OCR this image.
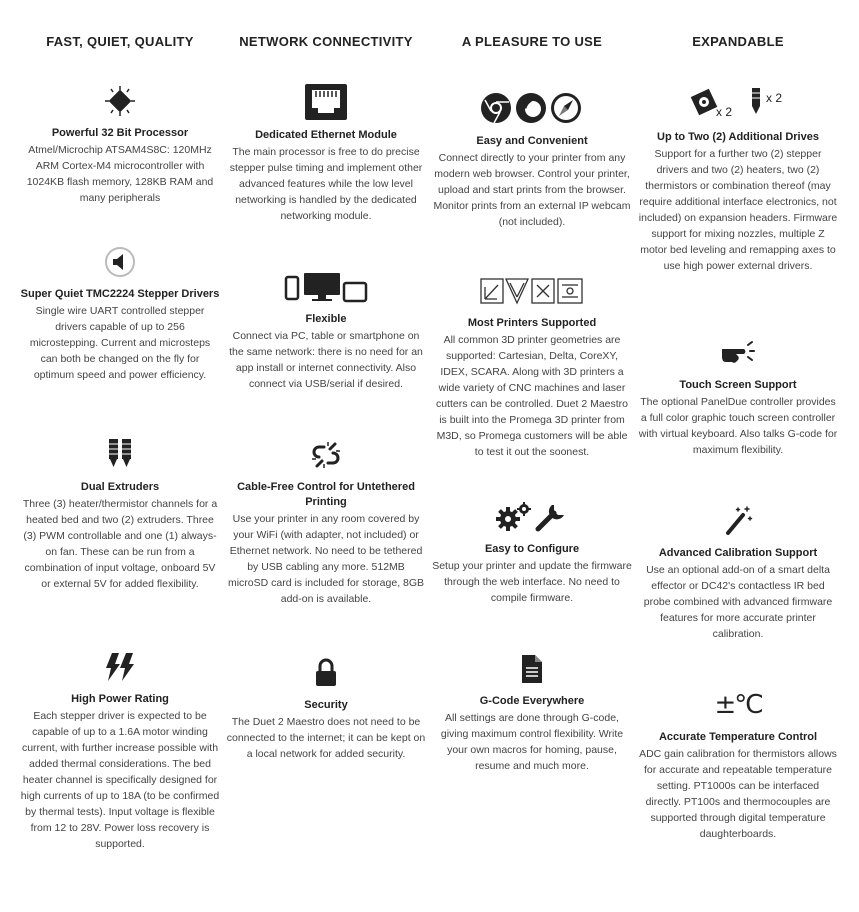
FAST, QUIET, QUALITY
Powerful 32 Bit Processor
Atmel/Microchip ATSAM4S8C: 120MHz ARM Cortex-M4 microcontroller with 1024KB flash memory, 128KB RAM and many peripherals
Super Quiet TMC2224 Stepper Drivers
Single wire UART controlled stepper drivers capable of up to 256 microstepping. Current and microsteps can both be changed on the fly for optimum speed and power efficiency.
Dual Extruders
Three (3) heater/thermistor channels for a heated bed and two (2) extruders. Three (3) PWM controllable and one (1) always-on fan. These can be run from a combination of input voltage, onboard 5V or external 5V for added flexibility.
High Power Rating
Each stepper driver is expected to be capable of up to a 1.6A motor winding current, with further increase possible with added thermal considerations. The bed heater channel is specifically designed for high currents of up to 18A (to be confirmed by thermal tests). Input voltage is flexible from 12 to 28V. Power loss recovery is supported.
NETWORK CONNECTIVITY
Dedicated Ethernet Module
The main processor is free to do precise stepper pulse timing and implement other advanced features while the low level networking is handled by the dedicated networking module.
Flexible
Connect via PC, table or smartphone on the same network: there is no need for an app install or internet connectivity. Also connect via USB/serial if desired.
Cable-Free Control for Untethered Printing
Use your printer in any room covered by your WiFi (with adapter, not included) or Ethernet network. No need to be tethered by USB cabling any more. 512MB microSD card is included for storage, 8GB add-on is available.
Security
The Duet 2 Maestro does not need to be connected to the internet; it can be kept on a local network for added security.
A PLEASURE TO USE
Easy and Convenient
Connect directly to your printer from any modern web browser. Control your printer, upload and start prints from the browser. Monitor prints from an external IP webcam (not included).
Most Printers Supported
All common 3D printer geometries are supported: Cartesian, Delta, CoreXY, IDEX, SCARA. Along with 3D printers a wide variety of CNC machines and laser cutters can be controlled. Duet 2 Maestro is built into the Promega 3D printer from M3D, so Promega customers will be able to test it out the soonest.
Easy to Configure
Setup your printer and update the firmware through the web interface. No need to compile firmware.
G-Code Everywhere
All settings are done through G-code, giving maximum control flexibility. Write your own macros for homing, pause, resume and much more.
EXPANDABLE
x 2
x 2
Up to Two (2) Additional Drives
Support for a further two (2) stepper drivers and two (2) heaters, two (2) thermistors or combination thereof (may require additional interface electronics, not included) on expansion headers. Firmware support for mixing nozzles, multiple Z motor bed leveling and remapping axes to use high power external drivers.
Touch Screen Support
The optional PanelDue controller provides a full color graphic touch screen controller with virtual keyboard. Also talks G-code for maximum flexibility.
Advanced Calibration Support
Use an optional add-on of a smart delta effector or DC42's contactless IR bed probe combined with advanced firmware features for more accurate printer calibration.
±°C
Accurate Temperature Control
ADC gain calibration for thermistors allows for accurate and repeatable temperature setting. PT1000s can be interfaced directly. PT100s and thermocouples are supported through digital temperature daughterboards.
